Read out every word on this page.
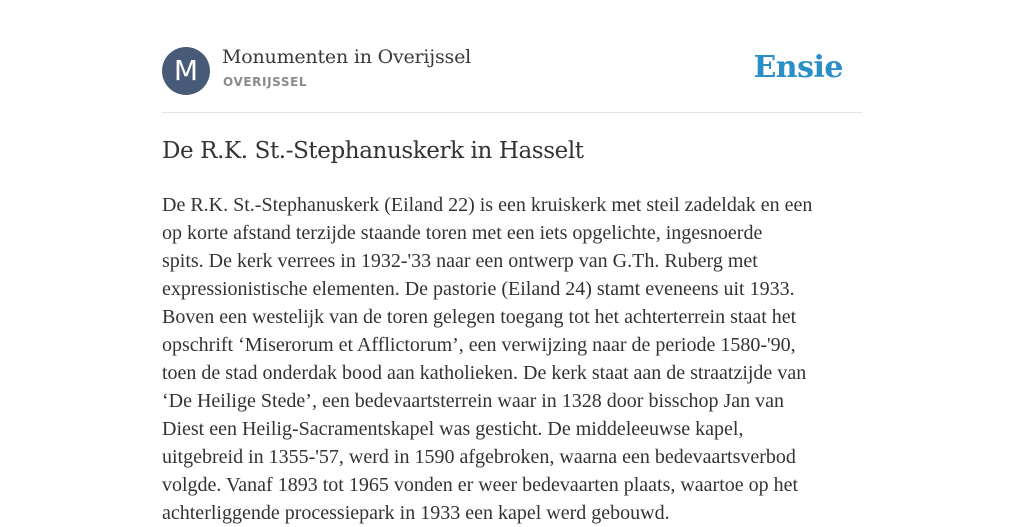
M	Monumenten in Overijssel
OVERIJSSEL	Ensie
De R.K. St.-Stephanuskerk in Hasselt

De R.K. St.-Stephanuskerk (Eiland 22) is een kruiskerk met steil zadeldak en een
op korte afstand terzijde staande toren met een iets opgelichte, ingesnoerde
spits. De kerk verrees in 1932-'33 naar een ontwerp van G.Th. Ruberg met
expressionistische elementen. De pastorie (Eiland 24) stamt eveneens uit 1933.
Boven een westelijk van de toren gelegen toegang tot het achterterrein staat het
opschrift ‘Miserorum et Afflictorum’, een verwijzing naar de periode 1580-'90,
toen de stad onderdak bood aan katholieken. De kerk staat aan de straatzijde van
‘De Heilige Stede’, een bedevaartsterrein waar in 1328 door bisschop Jan van
Diest een Heilig-Sacramentskapel was gesticht. De middeleeuwse kapel,
uitgebreid in 1355-'57, werd in 1590 afgebroken, waarna een bedevaartsverbod
volgde. Vanaf 1893 tot 1965 vonden er weer bedevaarten plaats, waartoe op het
achterliggende processiepark in 1933 een kapel werd gebouwd.
